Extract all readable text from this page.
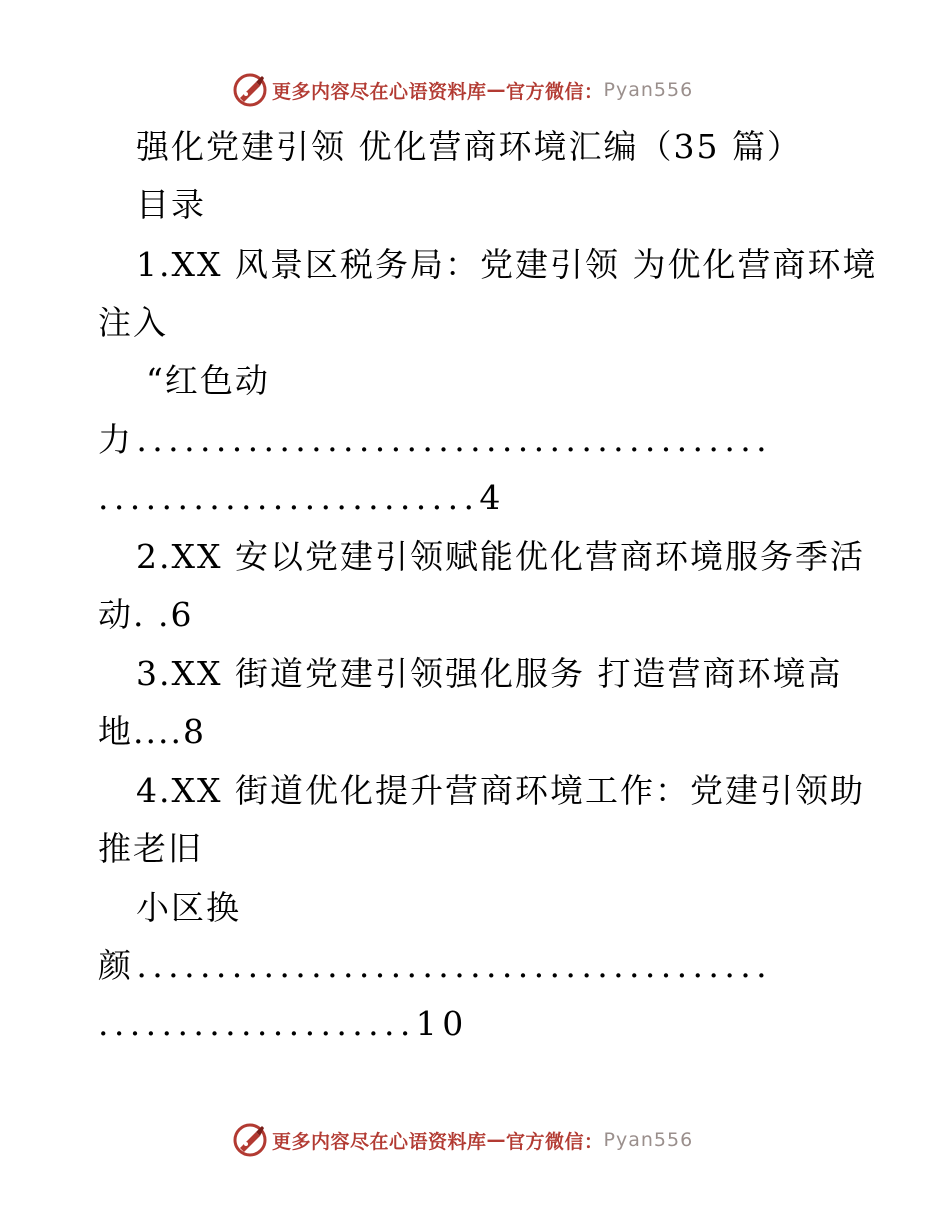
更多内容尽在心语资料库 — 官方微信： Pyan556
强化党建引领 优化营商环境汇编（35 篇）
目录
1.XX 风景区税务局：党建引领 为优化营商环境
注入
“红色动
力........................................
........................4
2.XX 安以党建引领赋能优化营商环境服务季活
动. .6
3.XX 街道党建引领强化服务 打造营商环境高
地....8
4.XX 街道优化提升营商环境工作：党建引领助
推老旧
小区换
颜........................................
....................10
更多内容尽在心语资料库 — 官方微信： Pyan556
